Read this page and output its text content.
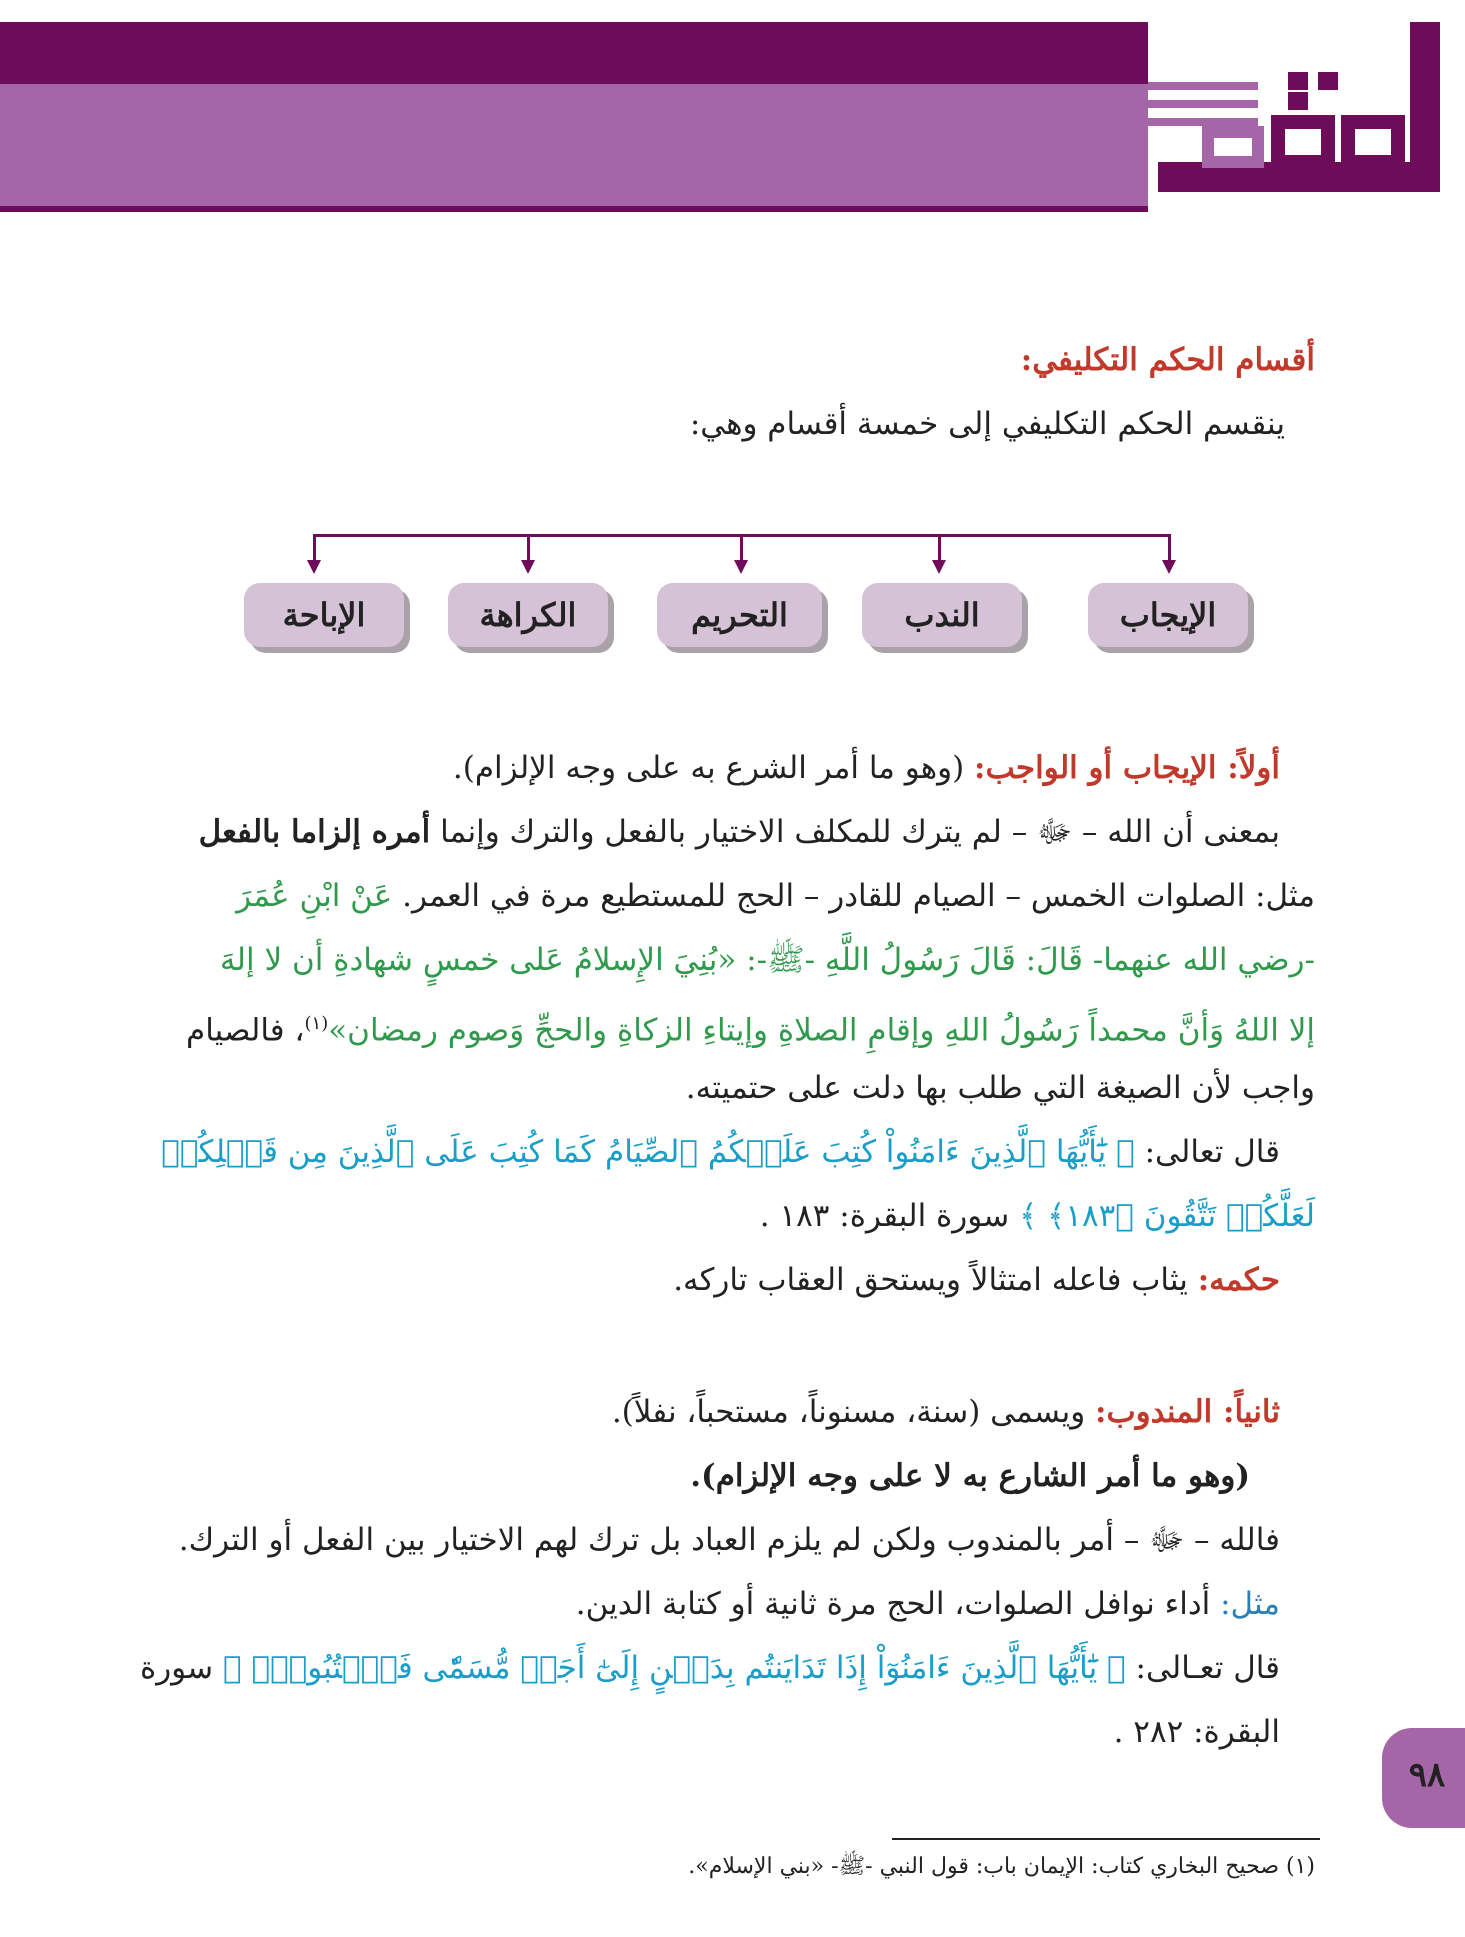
أقسام الحكم التكليفي:
ينقسم الحكم التكليفي إلى خمسة أقسام وهي:
الإيجاب
الندب
التحريم
الكراهة
الإباحة
أولاً: الإيجاب أو الواجب: (وهو ما أمر الشرع به على وجه الإلزام).
بمعنى أن الله – ﷻ – لم يترك للمكلف الاختيار بالفعل والترك وإنما أمره إلزاما بالفعل
مثل: الصلوات الخمس – الصيام للقادر – الحج للمستطيع مرة في العمر. عَنْ ابْنِ عُمَرَ
-رضي الله عنهما- قَالَ: قَالَ رَسُولُ اللَّهِ -ﷺ-: «بُنِيَ الإِسلامُ عَلى خمسٍ شهادةِ أن لا إلهَ
إلا اللهُ وَأنَّ محمداً رَسُولُ اللهِ وإقامِ الصلاةِ وإيتاءِ الزكاةِ والحجِّ وَصوم رمضان»$^{(١)}$، فالصيام
واجب لأن الصيغة التي طلب بها دلت على حتميته.
قال تعالى: ﴿ يَٰٓأَيُّهَا ٱلَّذِينَ ءَامَنُواْ كُتِبَ عَلَيۡكُمُ ٱلصِّيَامُ كَمَا كُتِبَ عَلَى ٱلَّذِينَ مِن قَبۡلِكُمۡ
لَعَلَّكُمۡ تَتَّقُونَ ﴿١٨٣﴾ ﴾ سورة البقرة: ١٨٣ .
حكمه: يثاب فاعله امتثالاً ويستحق العقاب تاركه.
ثانياً: المندوب: ويسمى (سنة، مسنوناً، مستحباً، نفلاً).
(وهو ما أمر الشارع به لا على وجه الإلزام).
فالله – ﷻ – أمر بالمندوب ولكن لم يلزم العباد بل ترك لهم الاختيار بين الفعل أو الترك.
مثل: أداء نوافل الصلوات، الحج مرة ثانية أو كتابة الدين.
قال تعـالى: ﴿ يَٰٓأَيُّهَا ٱلَّذِينَ ءَامَنُوٓاْ إِذَا تَدَايَنتُم بِدَيۡنٍ إِلَىٰٓ أَجَلٖ مُّسَمّٗى فَٱكۡتُبُوهُۚ ﴾ سورة
البقرة: ٢٨٢ .
٩٨
(١) صحيح البخاري كتاب: الإيمان باب: قول النبي -ﷺ- «بني الإسلام».
